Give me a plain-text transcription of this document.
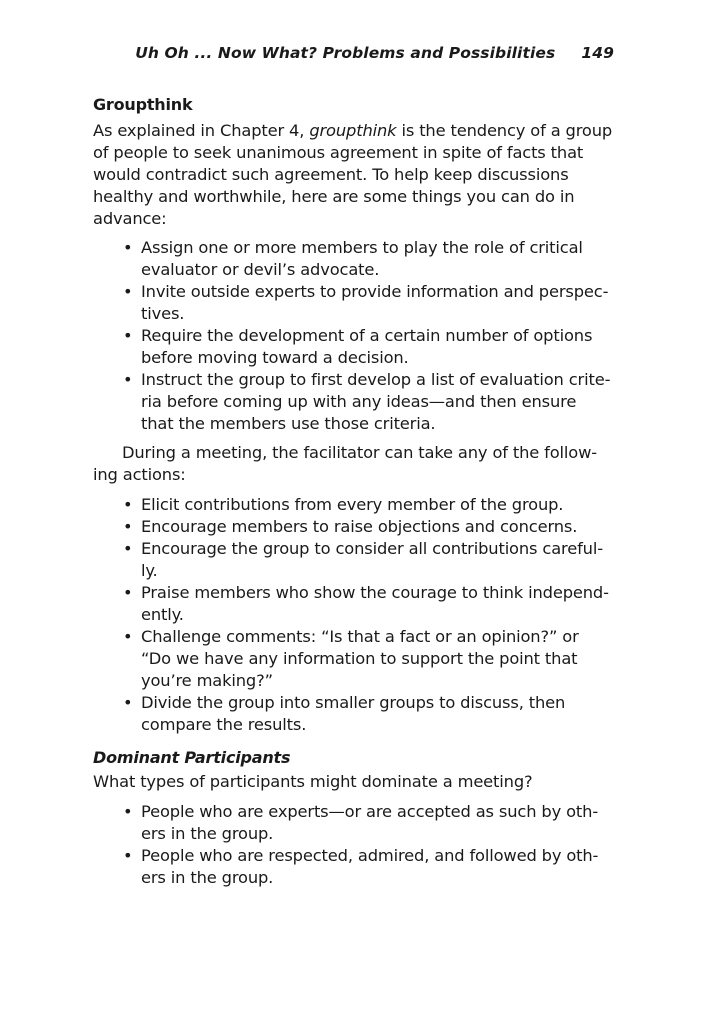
Uh Oh ... Now What? Problems and Possibilities 149
Groupthink

As explained in Chapter 4, groupthink is the tendency of a group of people to seek unanimous agreement in spite of facts that would contradict such agreement. To help keep discussions healthy and worthwhile, here are some things you can do in advance:

• Assign one or more members to play the role of critical evaluator or devil’s advocate.
• Invite outside experts to provide information and perspec- tives.
• Require the development of a certain number of options before moving toward a decision.
• Instruct the group to first develop a list of evaluation crite- ria before coming up with any ideas—and then ensure that the members use those criteria.

During a meeting, the facilitator can take any of the follow- ing actions:

• Elicit contributions from every member of the group.
• Encourage members to raise objections and concerns.
• Encourage the group to consider all contributions careful- ly.
• Praise members who show the courage to think independ- ently.
• Challenge comments: “Is that a fact or an opinion?” or “Do we have any information to support the point that you’re making?”
• Divide the group into smaller groups to discuss, then compare the results.
Dominant Participants

What types of participants might dominate a meeting?

• People who are experts—or are accepted as such by oth- ers in the group.
• People who are respected, admired, and followed by oth- ers in the group.
